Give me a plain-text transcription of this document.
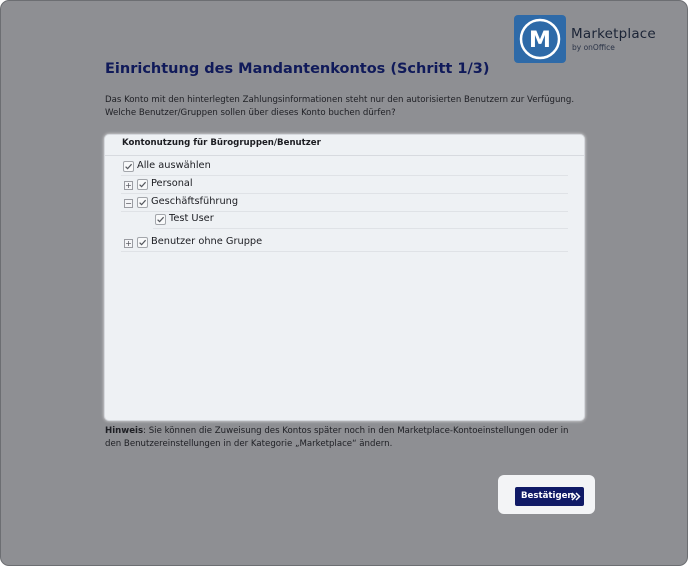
M Marketplace
by onOffice
Einrichtung des Mandantenkontos (Schritt 1/3)
Das Konto mit den hinterlegten Zahlungsinformationen steht nur den autorisierten Benutzern zur Verfügung. Welche Benutzer/Gruppen sollen über dieses Konto buchen dürfen?
Kontonutzung für Bürogruppen/Benutzer
Alle auswählen
+ Personal
− Geschäftsführung
Test User
+ Benutzer ohne Gruppe
Hinweis: Sie können die Zuweisung des Kontos später noch in den Marketplace-Kontoeinstellungen oder in den Benutzereinstellungen in der Kategorie „Marketplace“ ändern.
Bestätigen
